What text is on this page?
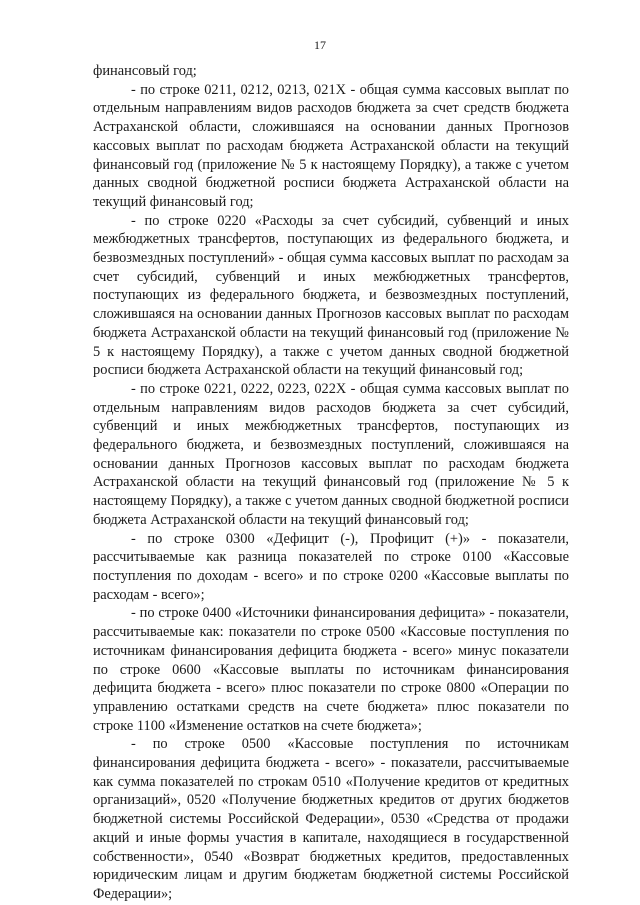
17

финансовый год;

- по строке 0211, 0212, 0213, 021X - общая сумма кассовых выплат по отдельным направлениям видов расходов бюджета за счет средств бюджета Астраханской области, сложившаяся на основании данных Прогнозов кассовых выплат по расходам бюджета Астраханской области на текущий финансовый год (приложение № 5 к настоящему Порядку), а также с учетом данных сводной бюджетной росписи бюджета Астраханской области на текущий финансовый год;

- по строке 0220 «Расходы за счет субсидий, субвенций и иных межбюджетных трансфертов, поступающих из федерального бюджета, и безвозмездных поступлений» - общая сумма кассовых выплат по расходам за счет субсидий, субвенций и иных межбюджетных трансфертов, поступающих из федерального бюджета, и безвозмездных поступлений, сложившаяся на основании данных Прогнозов кассовых выплат по расходам бюджета Астраханской области на текущий финансовый год (приложение № 5 к настоящему Порядку), а также с учетом данных сводной бюджетной росписи бюджета Астраханской области на текущий финансовый год;

- по строке 0221, 0222, 0223, 022X - общая сумма кассовых выплат по отдельным направлениям видов расходов бюджета за счет субсидий, субвенций и иных межбюджетных трансфертов, поступающих из федерального бюджета, и безвозмездных поступлений, сложившаяся на основании данных Прогнозов кассовых выплат по расходам бюджета Астраханской области на текущий финансовый год (приложение № 5 к настоящему Порядку), а также с учетом данных сводной бюджетной росписи бюджета Астраханской области на текущий финансовый год;

- по строке 0300 «Дефицит (-), Профицит (+)» - показатели, рассчитываемые как разница показателей по строке 0100 «Кассовые поступления по доходам - всего» и по строке 0200 «Кассовые выплаты по расходам - всего»;

- по строке 0400 «Источники финансирования дефицита» - показатели, рассчитываемые как: показатели по строке 0500 «Кассовые поступления по источникам финансирования дефицита бюджета - всего» минус показатели по строке 0600 «Кассовые выплаты по источникам финансирования дефицита бюджета - всего» плюс показатели по строке 0800 «Операции по управлению остатками средств на счете бюджета» плюс показатели по строке 1100 «Изменение остатков на счете бюджета»;

- по строке 0500 «Кассовые поступления по источникам финансирования дефицита бюджета - всего» - показатели, рассчитываемые как сумма показателей по строкам 0510 «Получение кредитов от кредитных организаций», 0520 «Получение бюджетных кредитов от других бюджетов бюджетной системы Российской Федерации», 0530 «Средства от продажи акций и иные формы участия в капитале, находящиеся в государственной собственности», 0540 «Возврат бюджетных кредитов, предоставленных юридическим лицам и другим бюджетам бюджетной системы Российской Федерации»;
